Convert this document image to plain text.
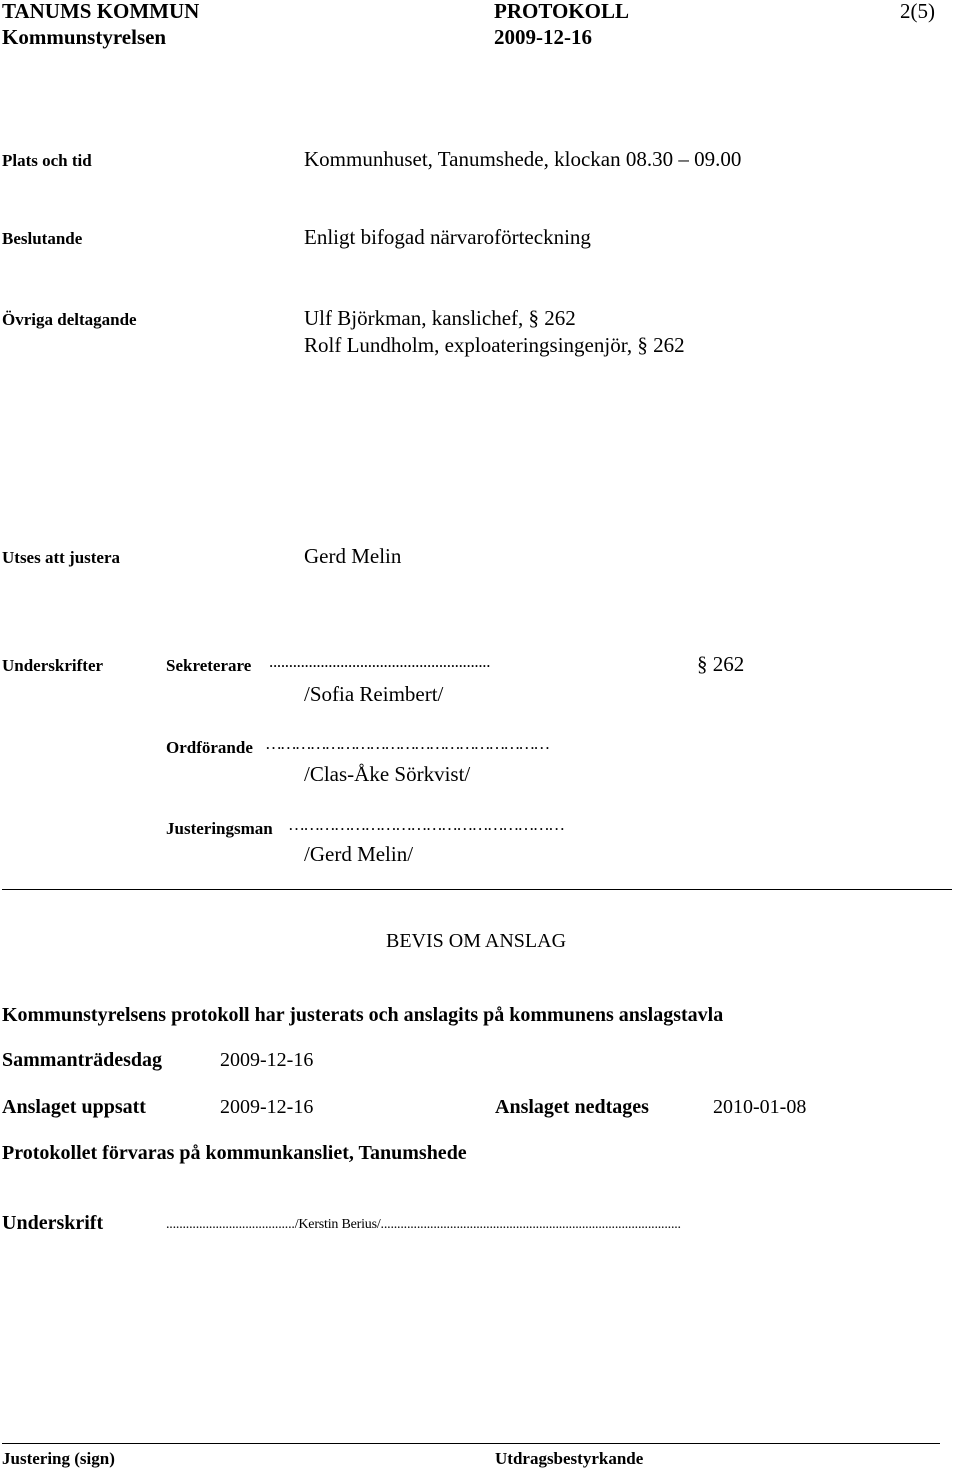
TANUMS KOMMUN	PROTOKOLL	2(5)
Kommunstyrelsen	2009-12-16
Plats och tid	Kommunhuset, Tanumshede, klockan 08.30 – 09.00
Beslutande	Enligt bifogad närvaroförteckning
Övriga deltagande	Ulf Björkman, kanslichef, § 262
Rolf Lundholm, exploateringsingenjör, § 262
Utses att justera	Gerd Melin
Underskrifter	Sekreterare ........................................................	§ 262
/Sofia Reimbert/
Ordförande …………………………………………………
/Clas-Åke Sörkvist/
Justeringsman ………………………………………………
/Gerd Melin/
BEVIS OM ANSLAG
Kommunstyrelsens protokoll har justerats och anslagits på kommunens anslagstavla
Sammanträdesdag	2009-12-16
Anslaget uppsatt	2009-12-16	Anslaget nedtages	2010-01-08
Protokollet förvaras på kommunkansliet, Tanumshede
Underskrift	......................................./Kerstin Berius/...........................................................................................
Justering (sign)	Utdragsbestyrkande
